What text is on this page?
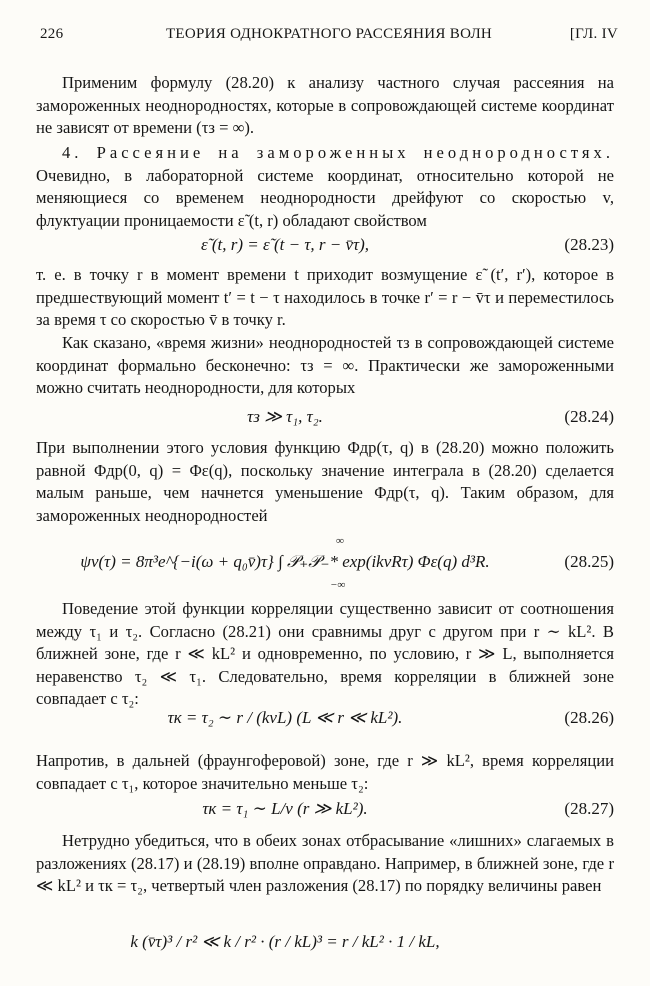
226	ТЕОРИЯ ОДНОКРАТНОГО РАССЕЯНИЯ ВОЛН	[ГЛ. IV

Применим формулу (28.20) к анализу частного случая рассеяния на замороженных неоднородностях, которые в сопровождающей системе координат не зависят от времени (τз = ∞).

4. Рассеяние на замороженных неоднородностях. Очевидно, в лабораторной системе координат, относительно которой не меняющиеся со временем неоднородности дрейфуют со скоростью v, флуктуации проницаемости ε̃ (t, r) обладают свойством

ε̃ (t, r) = ε̃ (t − τ, r − v̄τ),	(28.23)

т. е. в точку r в момент времени t приходит возмущение ε̃ (t′, r′), которое в предшествующий момент t′ = t − τ находилось в точке r′ = r − v̄τ и переместилось за время τ со скоростью v̄ в точку r.

Как сказано, «время жизни» неоднородностей τз в сопровождающей системе координат формально бесконечно: τз = ∞. Практически же замороженными можно считать неоднородности, для которых

τз ≫ τ₁, τ₂.	(28.24)

При выполнении этого условия функцию Φдр(τ, q) в (28.20) можно положить равной Φдр(0, q) = Φε(q), поскольку значение интеграла в (28.20) сделается малым раньше, чем начнется уменьшение Φдр(τ, q). Таким образом, для замороженных неоднородностей

∞
ψv(τ) = 8π³e^{−i(ω + q₀v̄)τ} ∫ 𝒫₊𝒫₋* exp(ikvRτ) Φε(q) d³R.
−∞
(28.25)

Поведение этой функции корреляции существенно зависит от соотношения между τ₁ и τ₂. Согласно (28.21) они сравнимы друг с другом при r ∼ kL². В ближней зоне, где r ≪ kL² и одновременно, по условию, r ≫ L, выполняется неравенство τ₂ ≪ τ₁. Следовательно, время корреляции в ближней зоне совпадает с τ₂:

τк = τ₂ ∼ r / (kvL) (L ≪ r ≪ kL²).	(28.26)

Напротив, в дальней (фраунгоферовой) зоне, где r ≫ kL², время корреляции совпадает с τ₁, которое значительно меньше τ₂:

τк = τ₁ ∼ L/v (r ≫ kL²).	(28.27)

Нетрудно убедиться, что в обеих зонах отбрасывание «лишних» слагаемых в разложениях (28.17) и (28.19) вполне оправдано. Например, в ближней зоне, где r ≪ kL² и τк = τ₂, четвертый член разложения (28.17) по порядку величины равен

k (v̄τ)³ / r² ≪ k / r² · (r / kL)³ = r / kL² · 1 / kL,
